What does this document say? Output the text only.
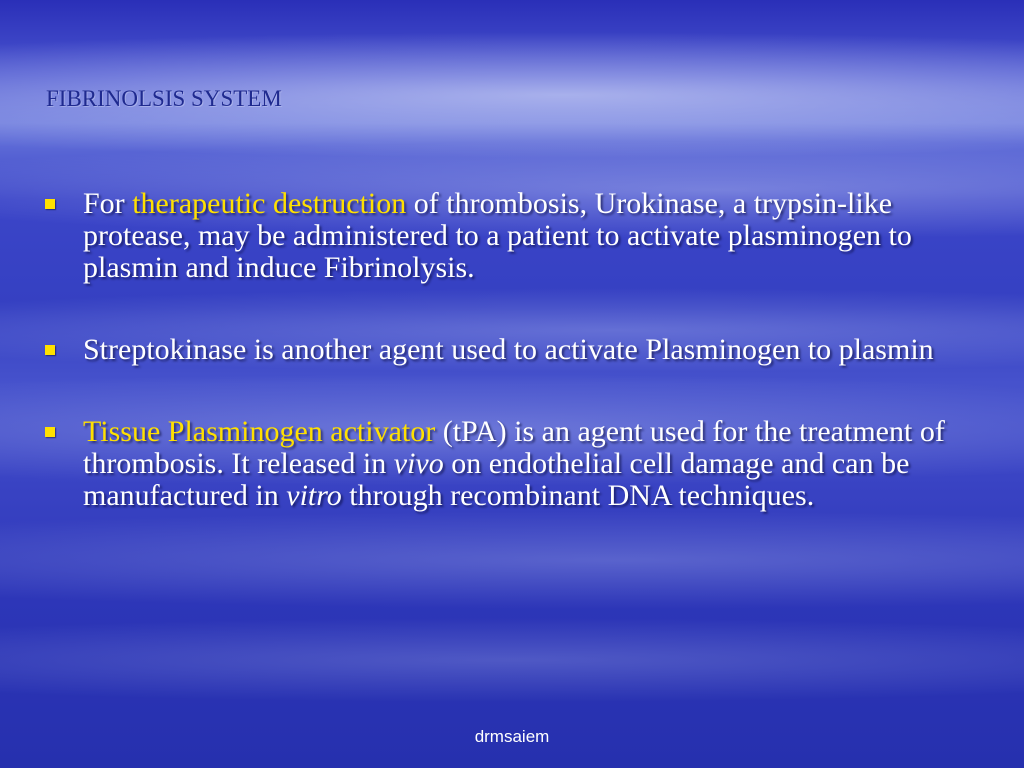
FIBRINOLSIS SYSTEM
For therapeutic destruction of thrombosis, Urokinase, a trypsin-like protease, may be administered to a patient to activate plasminogen to plasmin and induce Fibrinolysis.
Streptokinase is another agent used to activate Plasminogen to plasmin
Tissue Plasminogen activator (tPA) is an agent used for the treatment of thrombosis. It released in vivo on endothelial cell damage and can be manufactured in vitro through recombinant DNA techniques.
drmsaiem
